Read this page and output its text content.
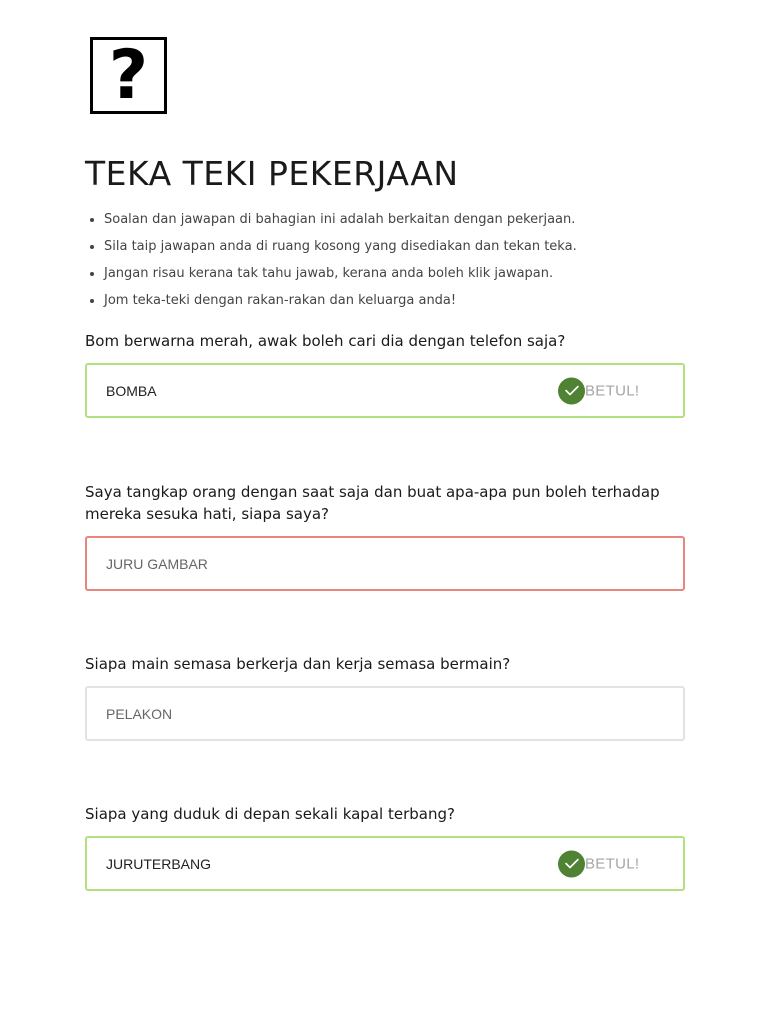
?
TEKA TEKI PEKERJAAN
• Soalan dan jawapan di bahagian ini adalah berkaitan dengan pekerjaan.
• Sila taip jawapan anda di ruang kosong yang disediakan dan tekan teka.
• Jangan risau kerana tak tahu jawab, kerana anda boleh klik jawapan.
• Jom teka-teki dengan rakan-rakan dan keluarga anda!

Bom berwarna merah, awak boleh cari dia dengan telefon saja?

BOMBA
BETUL!

Saya tangkap orang dengan saat saja dan buat apa-apa pun boleh terhadap mereka sesuka hati, siapa saya?

JURU GAMBAR

Siapa main semasa berkerja dan kerja semasa bermain?

PELAKON

Siapa yang duduk di depan sekali kapal terbang?

JURUTERBANG
BETUL!
